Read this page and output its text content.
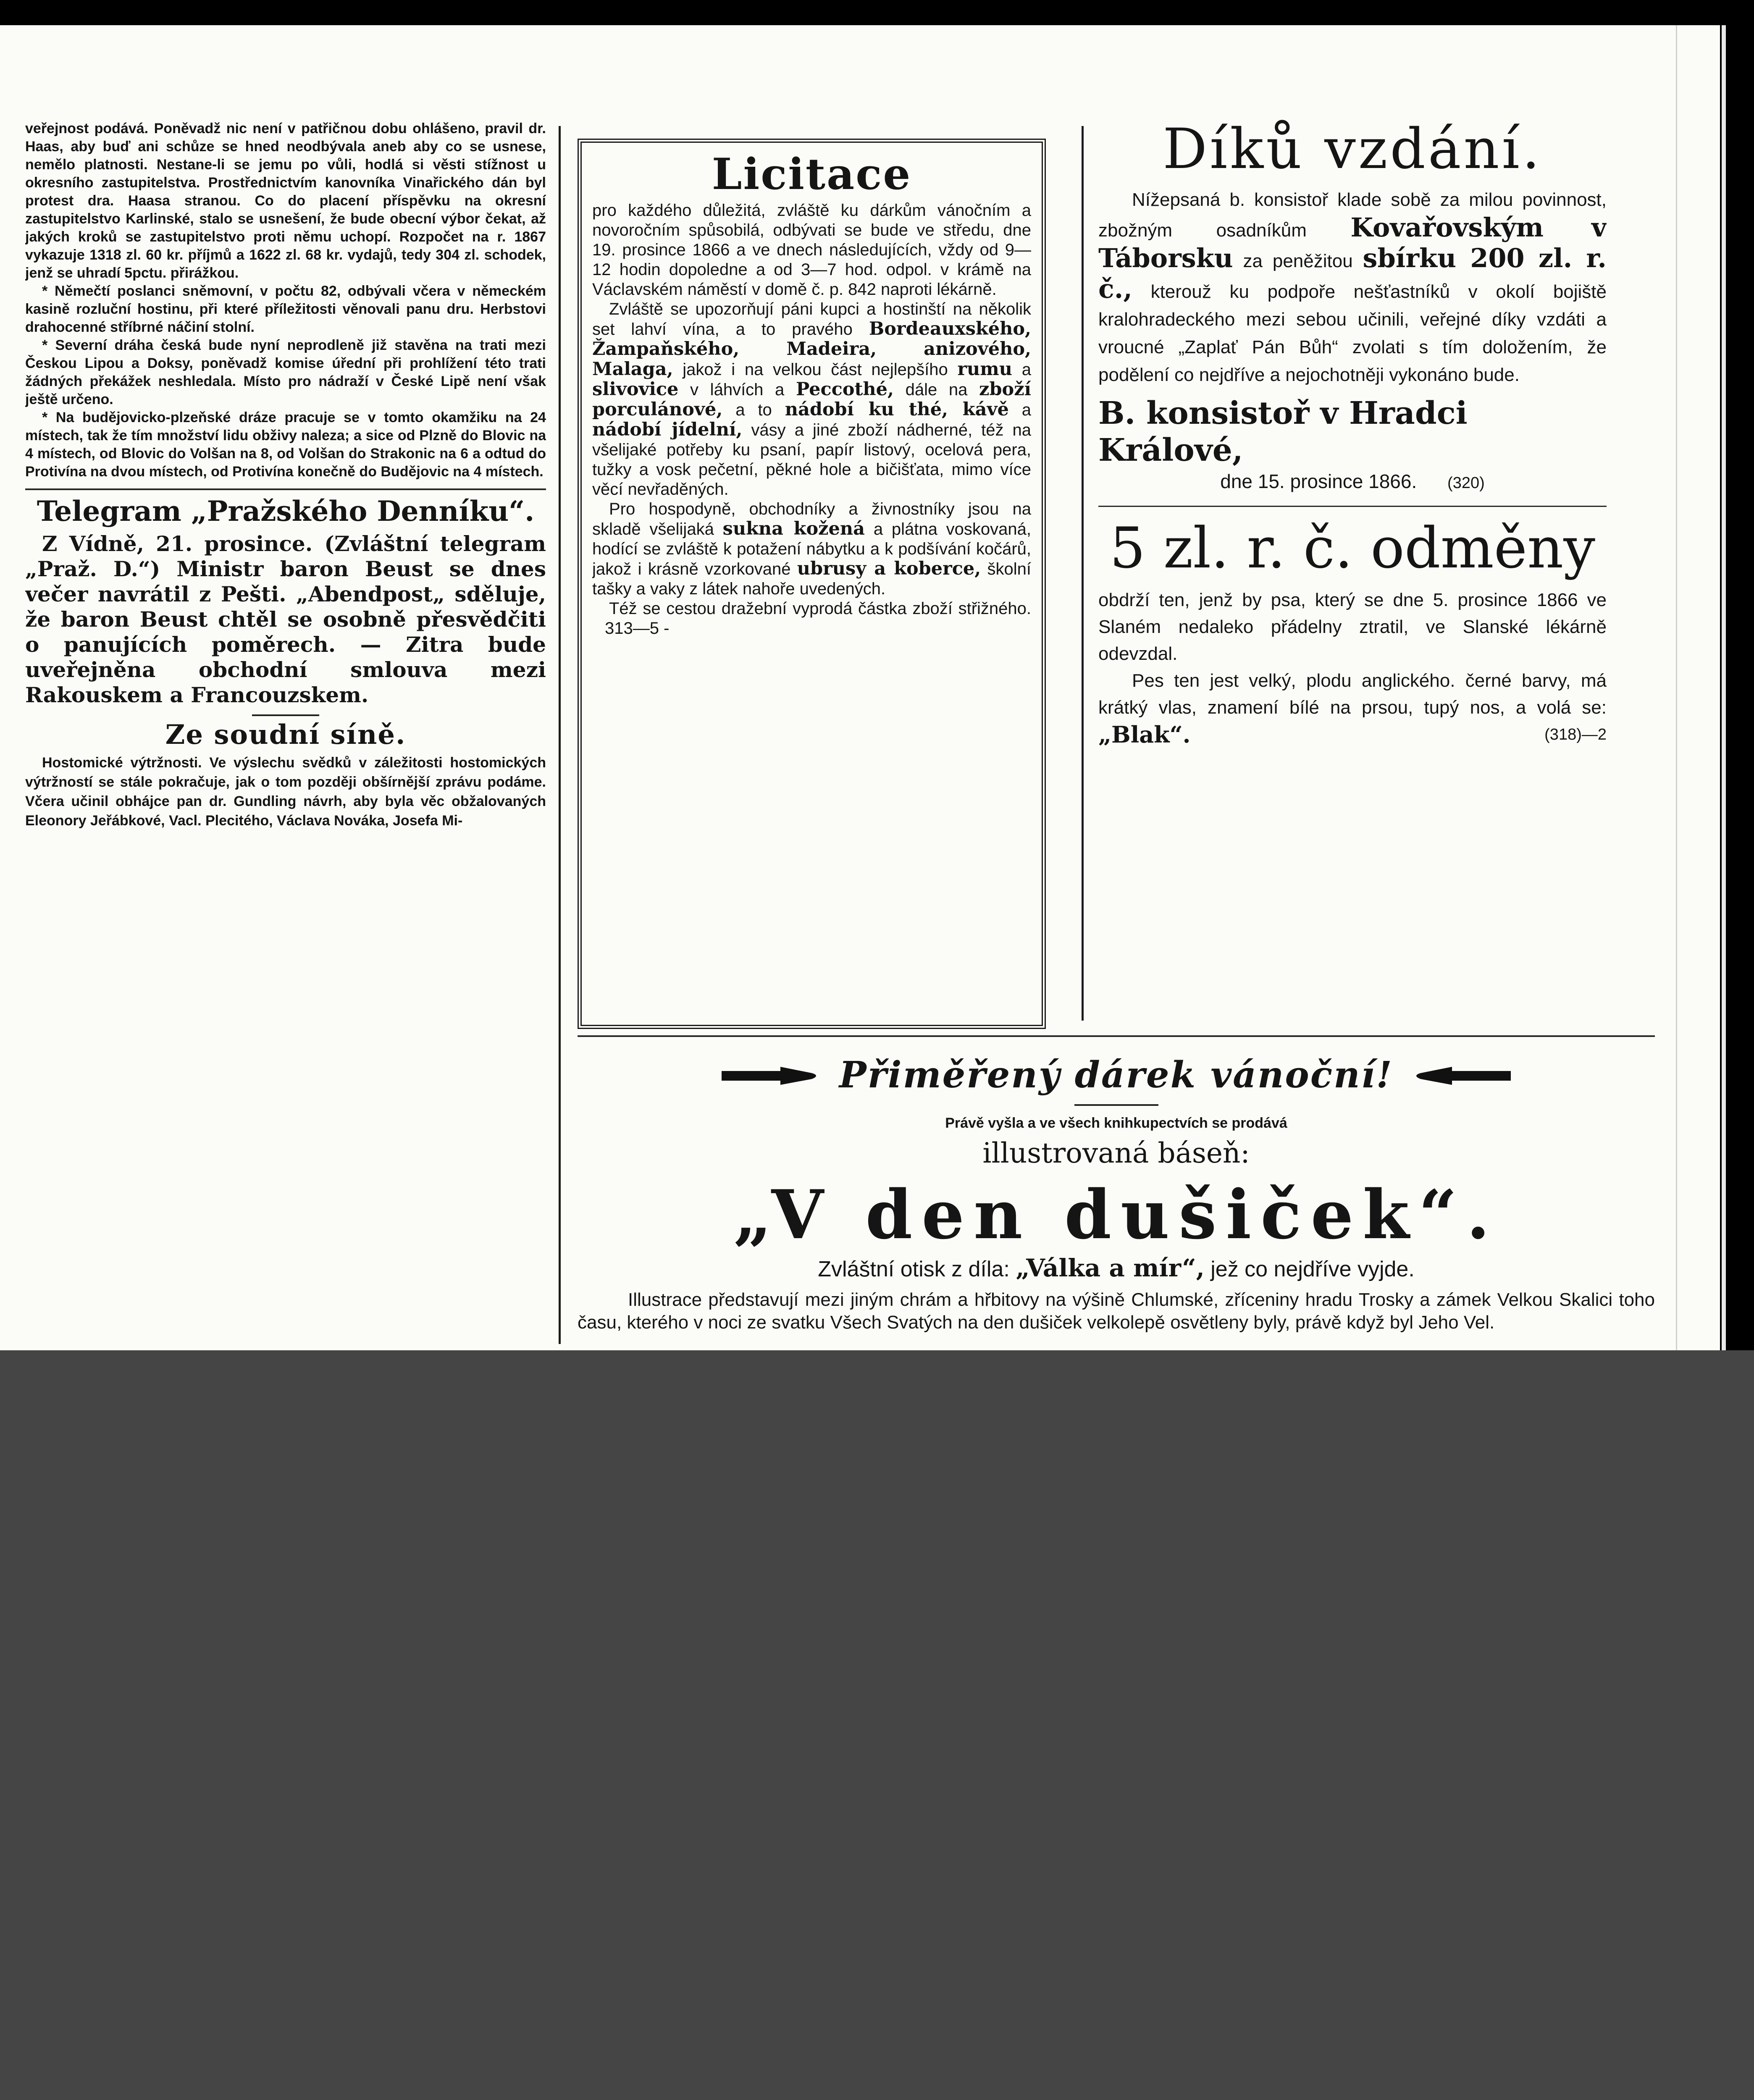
veřejnost podává. Poněvadž nic není v patřičnou dobu ohlášeno, pravil dr. Haas, aby buď ani schůze se hned neodbývala aneb aby co se usnese, nemělo platnosti. Nestane-li se jemu po vůli, hodlá si věsti stížnost u okresního zastupitelstva. Prostřednictvím kanovníka Vinařického dán byl protest dra. Haasa stranou. Co do placení příspěvku na okresní zastupitelstvo Karlinské, stalo se usnešení, že bude obecní výbor čekat, až jakých kroků se zastupitelstvo proti němu uchopí. Rozpočet na r. 1867 vykazuje 1318 zl. 60 kr. příjmů a 1622 zl. 68 kr. vydajů, tedy 304 zl. schodek, jenž se uhradí 5pctu. přirážkou.

* Němečtí poslanci sněmovní, v počtu 82, odbývali včera v německém kasině rozluční hostinu, při které příležitosti věnovali panu dru. Herbstovi drahocenné stříbrné náčiní stolní.

* Severní dráha česká bude nyní neprodleně již stavěna na trati mezi Českou Lipou a Doksy, poněvadž komise úřední při prohlížení této trati žádných překážek neshledala. Místo pro nádraží v České Lipě není však ještě určeno.

* Na budějovicko-plzeňské dráze pracuje se v tomto okamžiku na 24 místech, tak že tím množství lidu obživy naleza; a sice od Plzně do Blovic na 4 místech, od Blovic do Volšan na 8, od Volšan do Strakonic na 6 a odtud do Protivína na dvou místech, od Protivína konečně do Budějovic na 4 místech.

Telegram „Pražského Denníku“.

Z Vídně, 21. prosince. (Zvláštní telegram „Praž. D.“) Ministr baron Beust se dnes večer navrátil z Pešti. „Abendpost„ sděluje, že baron Beust chtěl se osobně přesvědčiti o panujících poměrech. — Zitra bude uveřejněna obchodní smlouva mezi Rakouskem a Francouzskem.

Ze soudní síně.

Hostomické výtržnosti. Ve výslechu svědků v záležitosti hostomických výtržností se stále pokračuje, jak o tom později obšírnější zprávu podáme. Včera učinil obhájce pan dr. Gundling návrh, aby byla věc obžalovaných Eleonory Jeřábkové, Vacl. Plecitého, Václava Nováka, Josefa Mi-

Licitace

pro každého důležitá, zvláště ku dárkům vánočním a novoročním spůsobilá, odbývati se bude ve středu, dne 19. prosince 1866 a ve dnech následujících, vždy od 9—12 hodin dopoledne a od 3—7 hod. odpol. v krámě na Václavském náměstí v domě č. p. 842 naproti lékárně.

Zvláště se upozorňují páni kupci a hostinští na několik set lahví vína, a to pravého Bordeauxského, Žampaňského, Madeira, anizového, Malaga, jakož i na velkou část nejlepšího rumu a slivovice v láhvích a Peccothé, dále na zboží porculánové, a to nádobí ku thé, kávě a nádobí jídelní, vásy a jiné zboží nádherné, též na všelijaké potřeby ku psaní, papír listový, ocelová pera, tužky a vosk pečetní, pěkné hole a bičišťata, mimo více věcí nevřaděných.

Pro hospodyně, obchodníky a živnostníky jsou na skladě všelijaká sukna kožená a plátna voskovaná, hodící se zvláště k potažení nábytku a k podšívání kočárů, jakož i krásně vzorkované ubrusy a koberce, školní tašky a vaky z látek nahoře uvedených.

Též se cestou dražební vyprodá částka zboží střižného. 313—5 -

Díků vzdání.

Nížepsaná b. konsistoř klade sobě za milou povinnost, zbožným osadníkům Kovařovským v Táborsku za peněžitou sbírku 200 zl. r. č., kterouž ku podpoře nešťastníků v okolí bojiště kralohradeckého mezi sebou učinili, veřejné díky vzdáti a vroucné „Zaplať Pán Bůh“ zvolati s tím doložením, že podělení co nejdříve a nejochotněji vykonáno bude.

B. konsistoř v Hradci Králové,

dne 15. prosince 1866. (320)

5 zl. r. č. odměny

obdrží ten, jenž by psa, který se dne 5. prosince 1866 ve Slaném nedaleko přádelny ztratil, ve Slanské lékárně odevzdal.

Pes ten jest velký, plodu anglického. černé barvy, má krátký vlas, znamení bílé na prsou, tupý nos, a volá se: „Blak“.	(318)—2

Přiměřený dárek vánoční!

Právě vyšla a ve všech knihkupectvích se prodává

illustrovaná báseň:

„V den dušiček“.

Zvláštní otisk z díla: „Válka a mír“, jež co nejdříve vyjde.

Illustrace představují mezi jiným chrám a hřbitovy na výšině Chlumské, zříceniny hradu Trosky a zámek Velkou Skalici toho času, kterého v noci ze svatku Všech Svatých na den dušiček velkolepě osvětleny byly, právě když byl Jeho Vel.
